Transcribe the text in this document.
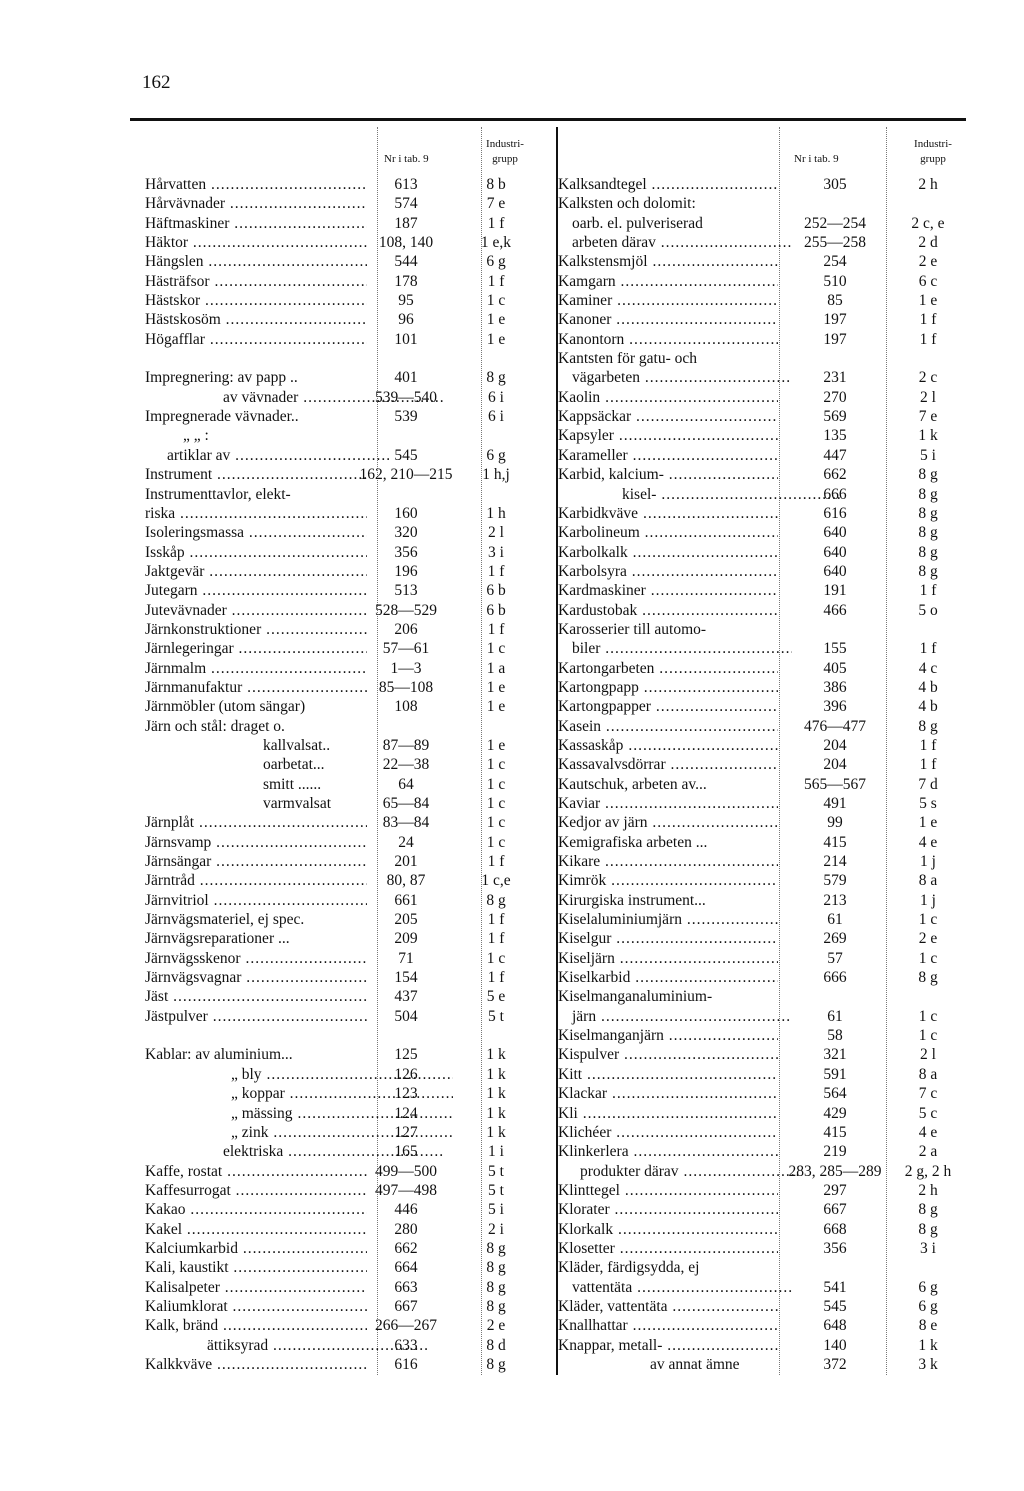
162
Nr i tab. 9
Industri-
grupp
Hårvatten .....	613	8 b
Hårvävnader .....	574	7 e
Häftmaskiner .....	187	1 f
Häktor .....	108, 140	1 e,k
Hängslen .....	544	6 g
Hästräfsor .....	178	1 f
Hästskor .....	95	1 c
Hästskosöm .....	96	1 e
Högafflar .....	101	1 e
Impregnering: av papp ..	401	8 g
av vävnader .....	539—540	6 i
Impregnerade vävnader..	539	6 i
„ „ :
artiklar av .....	545	6 g
Instrument .....	162, 210—215	1 h,j
Instrumenttavlor, elekt-
riska .....	160	1 h
Isoleringsmassa .....	320	2 l
Isskåp .....	356	3 i
Jaktgevär .....	196	1 f
Jutegarn .....	513	6 b
Jutevävnader .....	528—529	6 b
Järnkonstruktioner .....	206	1 f
Järnlegeringar .....	57—61	1 c
Järnmalm .....	1—3	1 a
Järnmanufaktur .....	85—108	1 e
Järnmöbler (utom sängar)	108	1 e
Järn och stål: draget o.
kallvalsat..	87—89	1 e
oarbetat...	22—38	1 c
smitt ......	64	1 c
varmvalsat	65—84	1 c
Järnplåt .....	83—84	1 c
Järnsvamp .....	24	1 c
Järnsängar .....	201	1 f
Järntråd .....	80, 87	1 c,e
Järnvitriol .....	661	8 g
Järnvägsmateriel, ej spec.	205	1 f
Järnvägsreparationer ...	209	1 f
Järnvägsskenor .....	71	1 c
Järnvägsvagnar .....	154	1 f
Jäst .....	437	5 e
Jästpulver .....	504	5 t
Kablar: av aluminium...	125	1 k
„ bly .....	126	1 k
„ koppar .....	123	1 k
„ mässing .....	124	1 k
„ zink .....	127	1 k
elektriska .....	165	1 i
Kaffe, rostat .....	499—500	5 t
Kaffesurrogat .....	497—498	5 t
Kakao .....	446	5 i
Kakel .....	280	2 i
Kalciumkarbid .....	662	8 g
Kali, kaustikt .....	664	8 g
Kalisalpeter .....	663	8 g
Kaliumklorat .....	667	8 g
Kalk, bränd .....	266—267	2 e
ättiksyrad .....	633	8 d
Kalkkväve .....	616	8 g
Nr i tab. 9
Industri-
grupp
Kalksandtegel .....	305	2 h
Kalksten och dolomit:
oarb. el. pulveriserad	252—254	2 c, e
arbeten därav .....	255—258	2 d
Kalkstensmjöl .....	254	2 e
Kamgarn .....	510	6 c
Kaminer .....	85	1 e
Kanoner .....	197	1 f
Kanontorn .....	197	1 f
Kantsten för gatu- och
vägarbeten .....	231	2 c
Kaolin .....	270	2 l
Kappsäckar .....	569	7 e
Kapsyler .....	135	1 k
Karameller .....	447	5 i
Karbid, kalcium- .....	662	8 g
kisel- .....	666	8 g
Karbidkväve .....	616	8 g
Karbolineum .....	640	8 g
Karbolkalk .....	640	8 g
Karbolsyra .....	640	8 g
Kardmaskiner .....	191	1 f
Kardustobak .....	466	5 o
Karosserier till automo-
biler .....	155	1 f
Kartongarbeten .....	405	4 c
Kartongpapp .....	386	4 b
Kartongpapper .....	396	4 b
Kasein .....	476—477	8 g
Kassaskåp .....	204	1 f
Kassavalvsdörrar .....	204	1 f
Kautschuk, arbeten av...	565—567	7 d
Kaviar .....	491	5 s
Kedjor av järn .....	99	1 e
Kemigrafiska arbeten ...	415	4 e
Kikare .....	214	1 j
Kimrök .....	579	8 a
Kirurgiska instrument...	213	1 j
Kiselaluminiumjärn .....	61	1 c
Kiselgur .....	269	2 e
Kiseljärn .....	57	1 c
Kiselkarbid .....	666	8 g
Kiselmanganaluminium-
järn .....	61	1 c
Kiselmanganjärn .....	58	1 c
Kispulver .....	321	2 l
Kitt .....	591	8 a
Klackar .....	564	7 c
Kli .....	429	5 c
Klichéer .....	415	4 e
Klinkerlera .....	219	2 a
produkter därav .....	283, 285—289	2 g, 2 h
Klinttegel .....	297	2 h
Klorater .....	667	8 g
Klorkalk .....	668	8 g
Klosetter .....	356	3 i
Kläder, färdigsydda, ej
vattentäta .....	541	6 g
Kläder, vattentäta .....	545	6 g
Knallhattar .....	648	8 e
Knappar, metall- .....	140	1 k
av annat ämne	372	3 k
